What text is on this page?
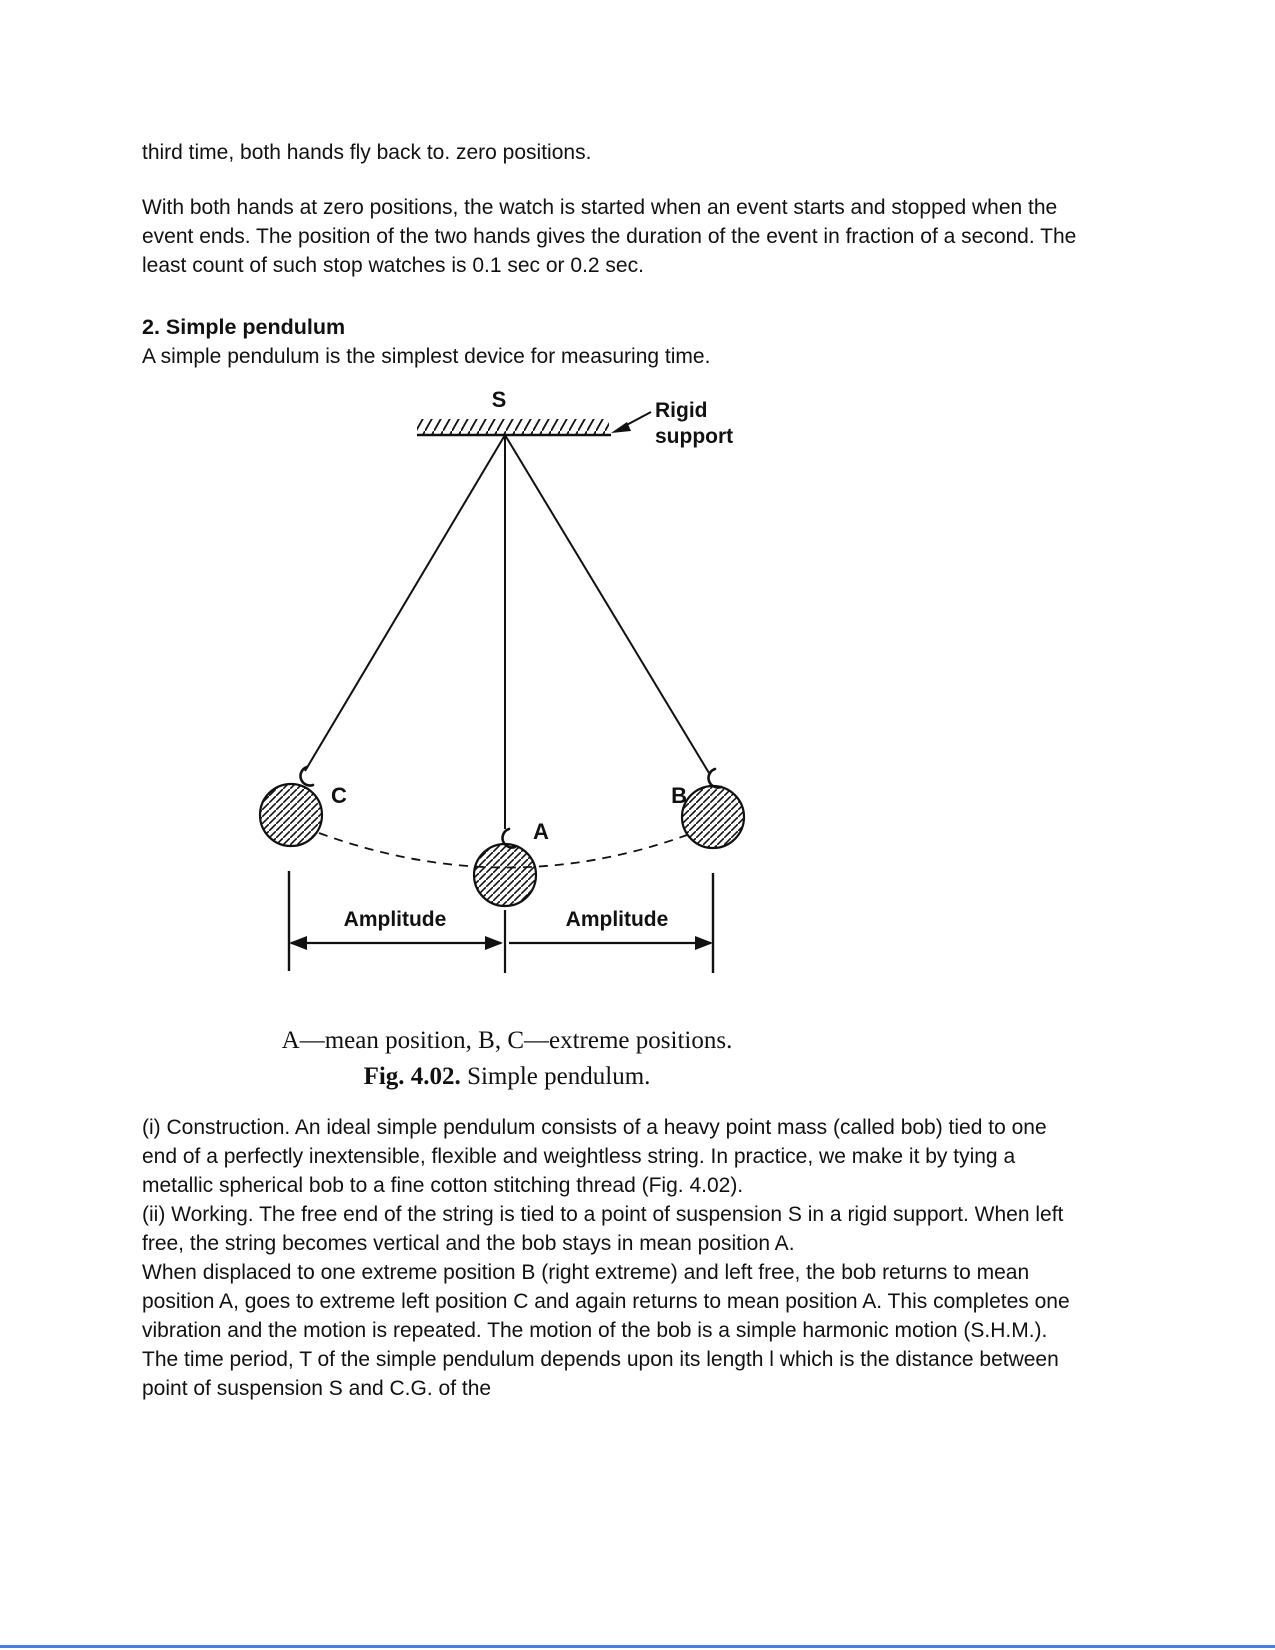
third time, both hands fly back to. zero positions.

With both hands at zero positions, the watch is started when an event starts and stopped when the event ends. The position of the two hands gives the duration of the event in fraction of a second. The least count of such stop watches is 0.1 sec or 0.2 sec.

2. Simple pendulum

A simple pendulum is the simplest device for measuring time.

S	Rigid
support
C
A
B
Amplitude	Amplitude
A—mean position, B, C—extreme positions.
Fig. 4.02. Simple pendulum.

(i) Construction. An ideal simple pendulum consists of a heavy point mass (called bob) tied to one end of a perfectly inextensible, flexible and weightless string. In practice, we make it by tying a metallic spherical bob to a fine cotton stitching thread (Fig. 4.02).

(ii) Working. The free end of the string is tied to a point of suspension S in a rigid support. When left free, the string becomes vertical and the bob stays in mean position A.

When displaced to one extreme position B (right extreme) and left free, the bob returns to mean position A, goes to extreme left position C and again returns to mean position A. This completes one vibration and the motion is repeated. The motion of the bob is a simple harmonic motion (S.H.M.). The time period, T of the simple pendulum depends upon its length l which is the distance between point of suspension S and C.G. of the
